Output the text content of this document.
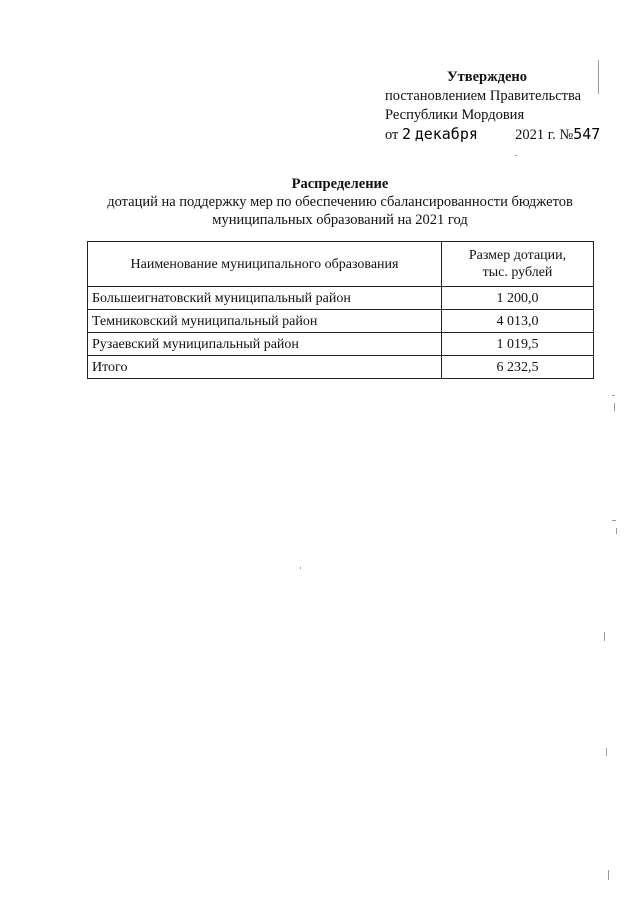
Утверждено
постановлением Правительства
Республики Мордовия
от 2 декабря	2021 г. №547
Распределение
дотаций на поддержку мер по обеспечению сбалансированности бюджетов
муниципальных образований на 2021 год
Наименование муниципального образования	Размер дотации,
тыс. рублей

Большеигнатовский муниципальный район	1 200,0
Темниковский муниципальный район	4 013,0
Рузаевский муниципальный район	1 019,5
Итого	6 232,5
